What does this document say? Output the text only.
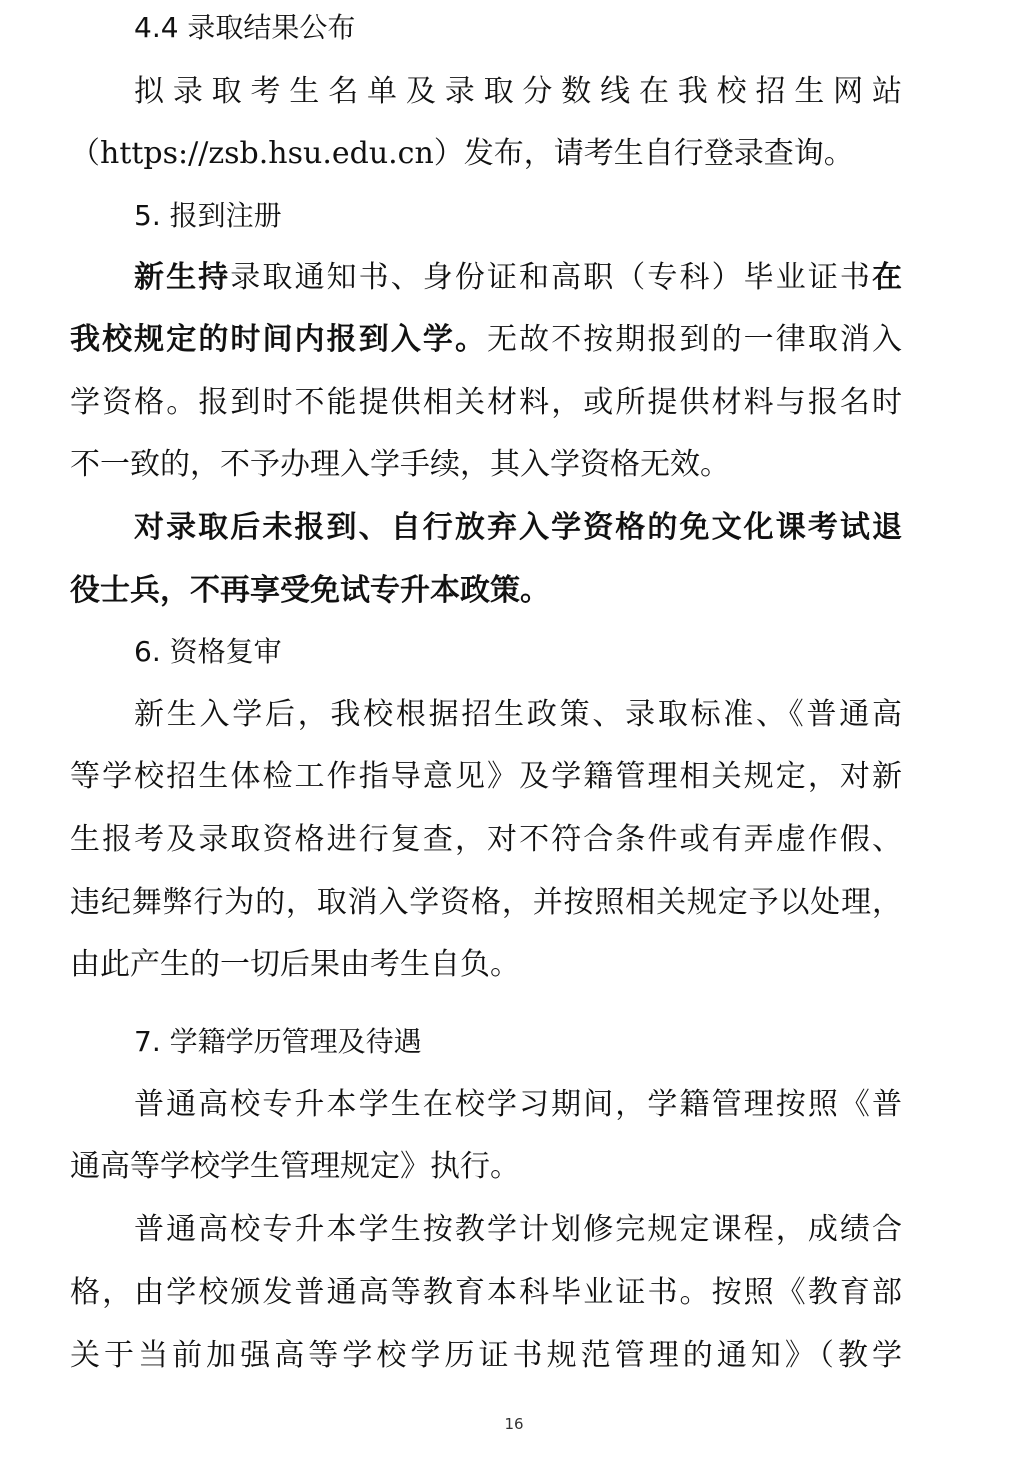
4.4 录取结果公布
拟录取考生名单及录取分数线在我校招生网站
（https://zsb.hsu.edu.cn）发布，请考生自行登录查询。
5. 报到注册
新生持录取通知书、身份证和高职（专科）毕业证书在
我校规定的时间内报到入学。无故不按期报到的一律取消入
学资格。报到时不能提供相关材料，或所提供材料与报名时
不一致的，不予办理入学手续，其入学资格无效。
对录取后未报到、自行放弃入学资格的免文化课考试退
役士兵，不再享受免试专升本政策。
6. 资格复审
新生入学后，我校根据招生政策、录取标准、《普通高
等学校招生体检工作指导意见》及学籍管理相关规定，对新
生报考及录取资格进行复查，对不符合条件或有弄虚作假、
违纪舞弊行为的，取消入学资格，并按照相关规定予以处理，
由此产生的一切后果由考生自负。
7. 学籍学历管理及待遇
普通高校专升本学生在校学习期间，学籍管理按照《普
通高等学校学生管理规定》执行。
普通高校专升本学生按教学计划修完规定课程，成绩合
格，由学校颁发普通高等教育本科毕业证书。按照《教育部
关于当前加强高等学校学历证书规范管理的通知》（教学
16
